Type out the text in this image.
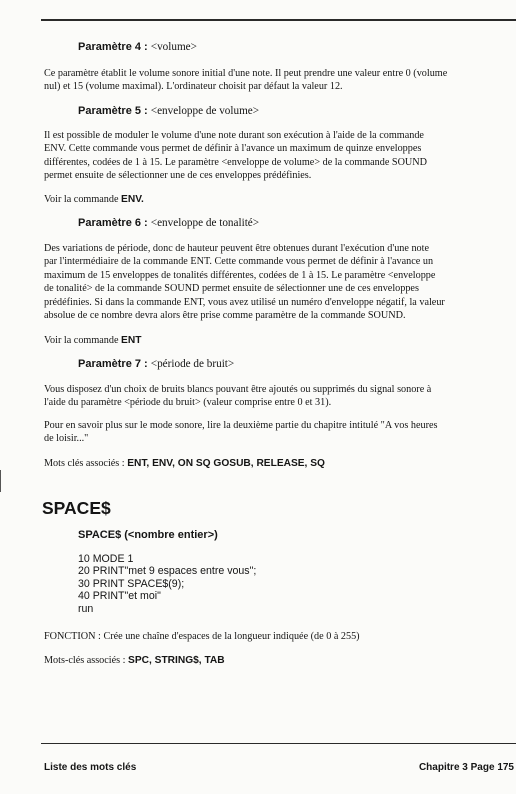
Paramètre 4 : <volume>

Ce paramètre établit le volume sonore initial d'une note. Il peut prendre une valeur entre 0 (volume
nul) et 15 (volume maximal). L'ordinateur choisit par défaut la valeur 12.

Paramètre 5 : <enveloppe de volume>

Il est possible de moduler le volume d'une note durant son exécution à l'aide de la commande
ENV. Cette commande vous permet de définir à l'avance un maximum de quinze enveloppes
différentes, codées de 1 à 15. Le paramètre <enveloppe de volume> de la commande SOUND
permet ensuite de sélectionner une de ces enveloppes prédéfinies.

Voir la commande ENV.

Paramètre 6 : <enveloppe de tonalité>

Des variations de période, donc de hauteur peuvent être obtenues durant l'exécution d'une note
par l'intermédiaire de la commande ENT. Cette commande vous permet de définir à l'avance un
maximum de 15 enveloppes de tonalités différentes, codées de 1 à 15. Le paramètre <enveloppe
de tonalité> de la commande SOUND permet ensuite de sélectionner une de ces enveloppes
prédéfinies. Si dans la commande ENT, vous avez utilisé un numéro d'enveloppe négatif, la valeur
absolue de ce nombre devra alors être prise comme paramètre de la commande SOUND.

Voir la commande ENT

Paramètre 7 : <période de bruit>

Vous disposez d'un choix de bruits blancs pouvant être ajoutés ou supprimés du signal sonore à
l'aide du paramètre <période du bruit> (valeur comprise entre 0 et 31).
Pour en savoir plus sur le mode sonore, lire la deuxième partie du chapitre intitulé "A vos heures
de loisir..."

Mots clés associés : ENT, ENV, ON SQ GOSUB, RELEASE, SQ

SPACE$

SPACE$ (<nombre entier>)

10 MODE 1
20 PRINT"met 9 espaces entre vous";
30 PRINT SPACE$(9);
40 PRINT"et moi"
run

FONCTION : Crée une chaîne d'espaces de la longueur indiquée (de 0 à 255)

Mots-clés associés : SPC, STRING$, TAB

Liste des mots clés	Chapitre 3 Page 175
